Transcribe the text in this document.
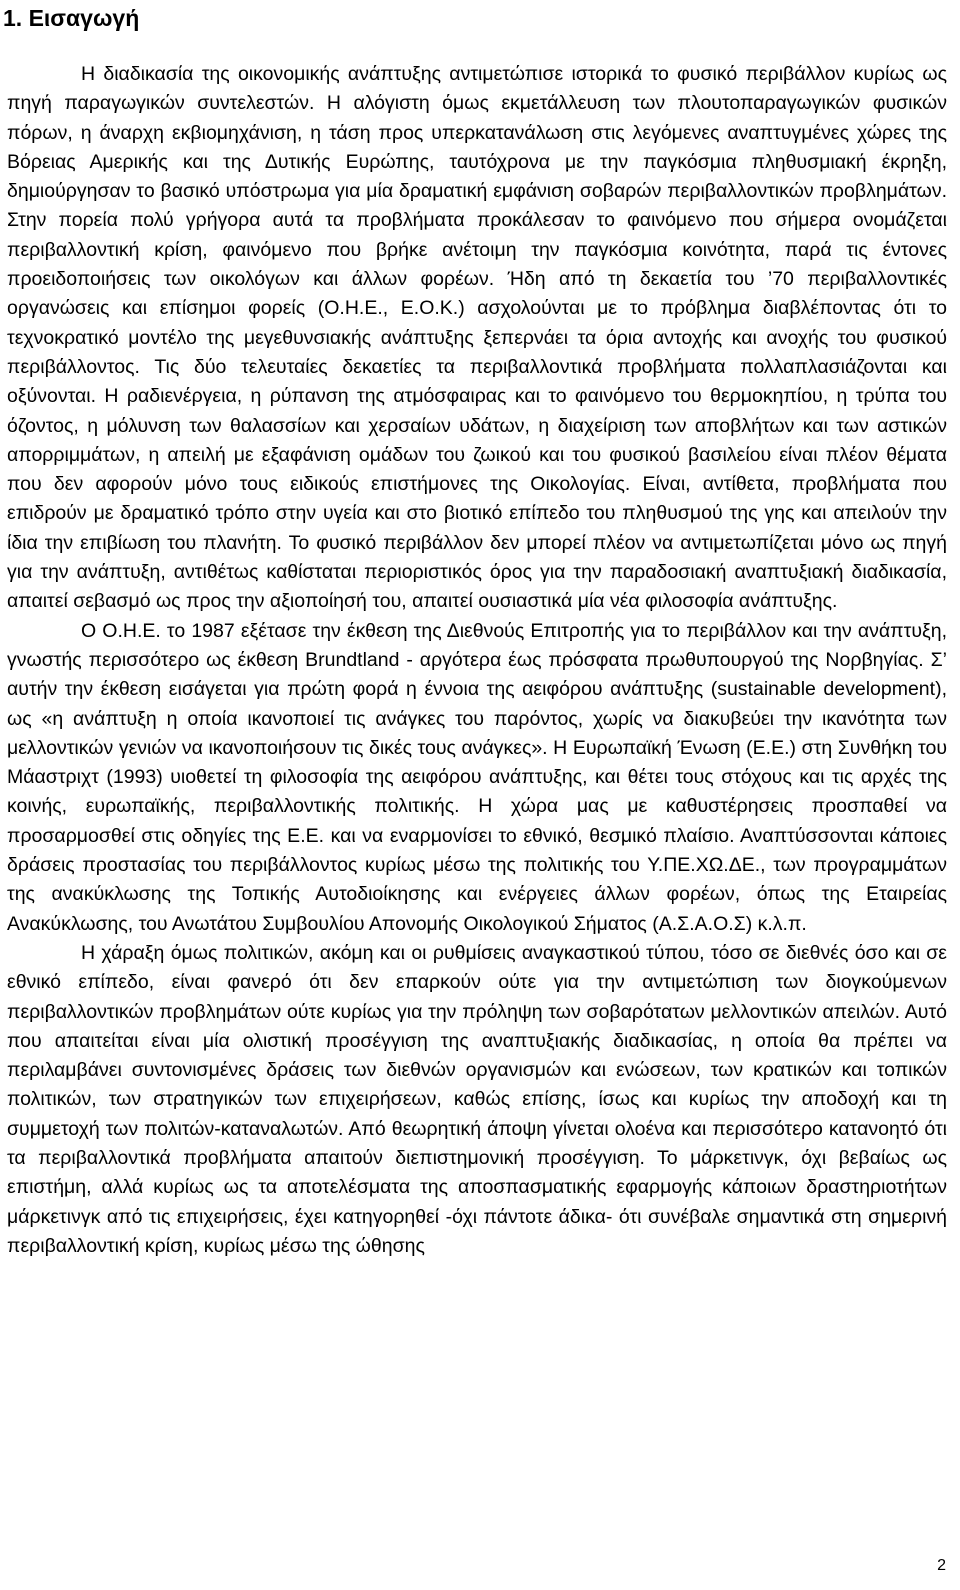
1. Εισαγωγή

Η διαδικασία της οικονομικής ανάπτυξης αντιμετώπισε ιστορικά το φυσικό περιβάλλον κυρίως ως πηγή παραγωγικών συντελεστών. Η αλόγιστη όμως εκμετάλλευση των πλουτοπαραγωγικών φυσικών πόρων, η άναρχη εκβιομηχάνιση, η τάση προς υπερκατανάλωση στις λεγόμενες αναπτυγμένες χώρες της Βόρειας Αμερικής και της Δυτικής Ευρώπης, ταυτόχρονα με την παγκόσμια πληθυσμιακή έκρηξη, δημιούργησαν το βασικό υπόστρωμα για μία δραματική εμφάνιση σοβαρών περιβαλλοντικών προβλημάτων. Στην πορεία πολύ γρήγορα αυτά τα προβλήματα προκάλεσαν το φαινόμενο που σήμερα ονομάζεται περιβαλλοντική κρίση, φαινόμενο που βρήκε ανέτοιμη την παγκόσμια κοινότητα, παρά τις έντονες προειδοποιήσεις των οικολόγων και άλλων φορέων. Ήδη από τη δεκαετία του ’70 περιβαλλοντικές οργανώσεις και επίσημοι φορείς (Ο.Η.Ε., Ε.Ο.Κ.) ασχολούνται με το πρόβλημα διαβλέποντας ότι το τεχνοκρατικό μοντέλο της μεγεθυνσιακής ανάπτυξης ξεπερνάει τα όρια αντοχής και ανοχής του φυσικού περιβάλλοντος. Τις δύο τελευταίες δεκαετίες τα περιβαλλοντικά προβλήματα πολλαπλασιάζονται και οξύνονται. Η ραδιενέργεια, η ρύπανση της ατμόσφαιρας και το φαινόμενο του θερμοκηπίου, η τρύπα του όζοντος, η μόλυνση των θαλασσίων και χερσαίων υδάτων, η διαχείριση των αποβλήτων και των αστικών απορριμμάτων, η απειλή με εξαφάνιση ομάδων του ζωικού και του φυσικού βασιλείου είναι πλέον θέματα που δεν αφορούν μόνο τους ειδικούς επιστήμονες της Οικολογίας. Είναι, αντίθετα, προβλήματα που επιδρούν με δραματικό τρόπο στην υγεία και στο βιοτικό επίπεδο του πληθυσμού της γης και απειλούν την ίδια την επιβίωση του πλανήτη. Το φυσικό περιβάλλον δεν μπορεί πλέον να αντιμετωπίζεται μόνο ως πηγή για την ανάπτυξη, αντιθέτως καθίσταται περιοριστικός όρος για την παραδοσιακή αναπτυξιακή διαδικασία, απαιτεί σεβασμό ως προς την αξιοποίησή του, απαιτεί ουσιαστικά μία νέα φιλοσοφία ανάπτυξης.

Ο Ο.Η.Ε. το 1987 εξέτασε την έκθεση της Διεθνούς Επιτροπής για το περιβάλλον και την ανάπτυξη, γνωστής περισσότερο ως έκθεση Brundtland - αργότερα έως πρόσφατα πρωθυπουργού της Νορβηγίας. Σ’ αυτήν την έκθεση εισάγεται για πρώτη φορά η έννοια της αειφόρου ανάπτυξης (sustainable development), ως «η ανάπτυξη η οποία ικανοποιεί τις ανάγκες του παρόντος, χωρίς να διακυβεύει την ικανότητα των μελλοντικών γενιών να ικανοποιήσουν τις δικές τους ανάγκες». Η Ευρωπαϊκή Ένωση (Ε.Ε.) στη Συνθήκη του Μάαστριχτ (1993) υιοθετεί τη φιλοσοφία της αειφόρου ανάπτυξης, και θέτει τους στόχους και τις αρχές της κοινής, ευρωπαϊκής, περιβαλλοντικής πολιτικής. Η χώρα μας με καθυστέρησεις προσπαθεί να προσαρμοσθεί στις οδηγίες της Ε.Ε. και να εναρμονίσει το εθνικό, θεσμικό πλαίσιο. Αναπτύσσονται κάποιες δράσεις προστασίας του περιβάλλοντος κυρίως μέσω της πολιτικής του Υ.ΠΕ.ΧΩ.ΔΕ., των προγραμμάτων της ανακύκλωσης της Τοπικής Αυτοδιοίκησης και ενέργειες άλλων φορέων, όπως της Εταιρείας Ανακύκλωσης, του Ανωτάτου Συμβουλίου Απονομής Οικολογικού Σήματος (Α.Σ.Α.Ο.Σ) κ.λ.π.

Η χάραξη όμως πολιτικών, ακόμη και οι ρυθμίσεις αναγκαστικού τύπου, τόσο σε διεθνές όσο και σε εθνικό επίπεδο, είναι φανερό ότι δεν επαρκούν ούτε για την αντιμετώπιση των διογκούμενων περιβαλλοντικών προβλημάτων ούτε κυρίως για την πρόληψη των σοβαρότατων μελλοντικών απειλών. Αυτό που απαιτείται είναι μία ολιστική προσέγγιση της αναπτυξιακής διαδικασίας, η οποία θα πρέπει να περιλαμβάνει συντονισμένες δράσεις των διεθνών οργανισμών και ενώσεων, των κρατικών και τοπικών πολιτικών, των στρατηγικών των επιχειρήσεων, καθώς επίσης, ίσως και κυρίως την αποδοχή και τη συμμετοχή των πολιτών-καταναλωτών. Από θεωρητική άποψη γίνεται ολοένα και περισσότερο κατανοητό ότι τα περιβαλλοντικά προβλήματα απαιτούν διεπιστημονική προσέγγιση. Το μάρκετινγκ, όχι βεβαίως ως επιστήμη, αλλά κυρίως ως τα αποτελέσματα της αποσπασματικής εφαρμογής κάποιων δραστηριοτήτων μάρκετινγκ από τις επιχειρήσεις, έχει κατηγορηθεί -όχι πάντοτε άδικα- ότι συνέβαλε σημαντικά στη σημερινή περιβαλλοντική κρίση, κυρίως μέσω της ώθησης

2
